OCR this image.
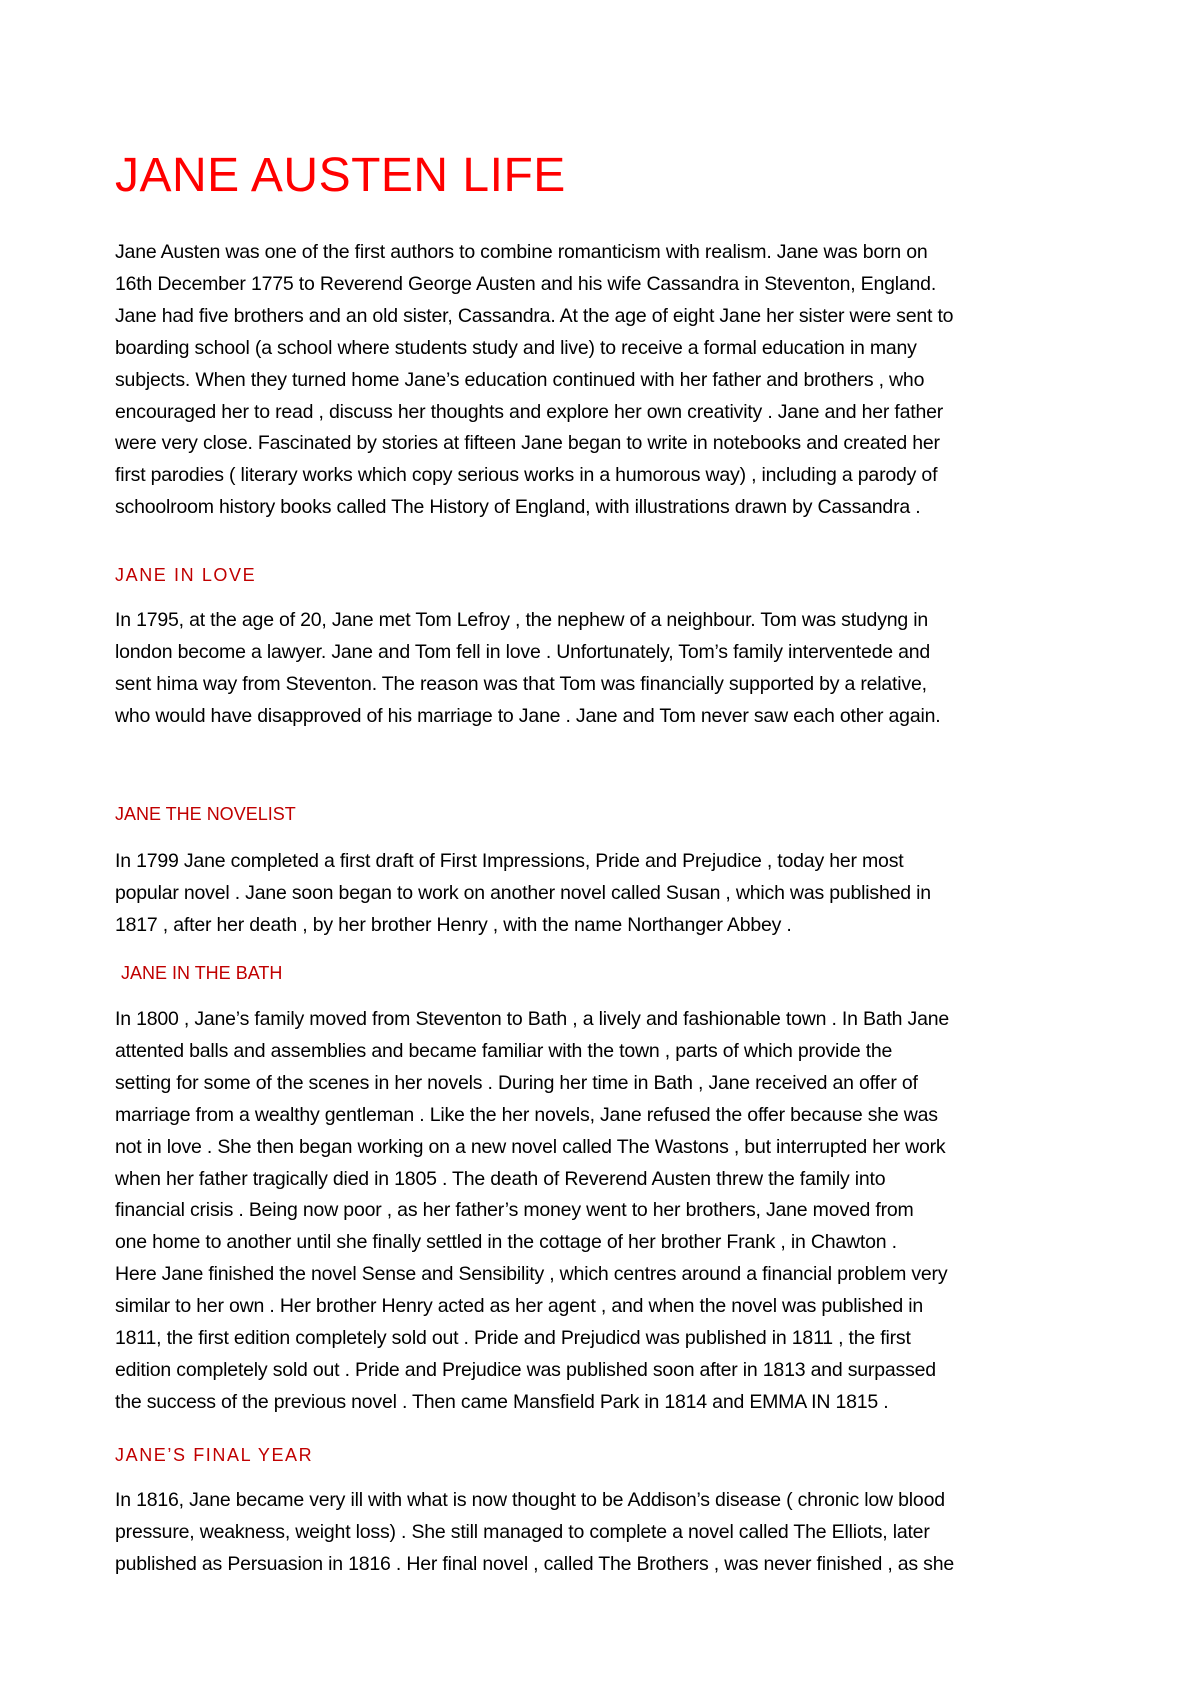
JANE AUSTEN LIFE

Jane Austen was one of the first authors to combine romanticism with realism. Jane was born on
16th December 1775 to Reverend George Austen and his wife Cassandra in Steventon, England.
Jane had five brothers and an old sister, Cassandra. At the age of eight Jane her sister were sent to
boarding school (a school where students study and live) to receive a formal education in many
subjects. When they turned home Jane’s education continued with her father and brothers , who
encouraged her to read , discuss her thoughts and explore her own creativity . Jane and her father
were very close. Fascinated by stories at fifteen Jane began to write in notebooks and created her
first parodies ( literary works which copy serious works in a humorous way) , including a parody of
schoolroom history books called The History of England, with illustrations drawn by Cassandra .

JANE IN LOVE

In 1795, at the age of 20, Jane met Tom Lefroy , the nephew of a neighbour. Tom was studyng in
london become a lawyer. Jane and Tom fell in love . Unfortunately, Tom’s family interventede and
sent hima way from Steventon. The reason was that Tom was financially supported by a relative,
who would have disapproved of his marriage to Jane . Jane and Tom never saw each other again.

JANE THE NOVELIST

In 1799 Jane completed a first draft of First Impressions, Pride and Prejudice , today her most
popular novel . Jane soon began to work on another novel called Susan , which was published in
1817 , after her death , by her brother Henry , with the name Northanger Abbey .

JANE IN THE BATH

In 1800 , Jane’s family moved from Steventon to Bath , a lively and fashionable town . In Bath Jane
attented balls and assemblies and became familiar with the town , parts of which provide the
setting for some of the scenes in her novels . During her time in Bath , Jane received an offer of
marriage from a wealthy gentleman . Like the her novels, Jane refused the offer because she was
not in love . She then began working on a new novel called The Wastons , but interrupted her work
when her father tragically died in 1805 . The death of Reverend Austen threw the family into
financial crisis . Being now poor , as her father’s money went to her brothers, Jane moved from
one home to another until she finally settled in the cottage of her brother Frank , in Chawton .
Here Jane finished the novel Sense and Sensibility , which centres around a financial problem very
similar to her own . Her brother Henry acted as her agent , and when the novel was published in
1811, the first edition completely sold out . Pride and Prejudicd was published in 1811 , the first
edition completely sold out . Pride and Prejudice was published soon after in 1813 and surpassed
the success of the previous novel . Then came Mansfield Park in 1814 and EMMA IN 1815 .

JANE’S FINAL YEAR

In 1816, Jane became very ill with what is now thought to be Addison’s disease ( chronic low blood
pressure, weakness, weight loss) . She still managed to complete a novel called The Elliots, later
published as Persuasion in 1816 . Her final novel , called The Brothers , was never finished , as she
